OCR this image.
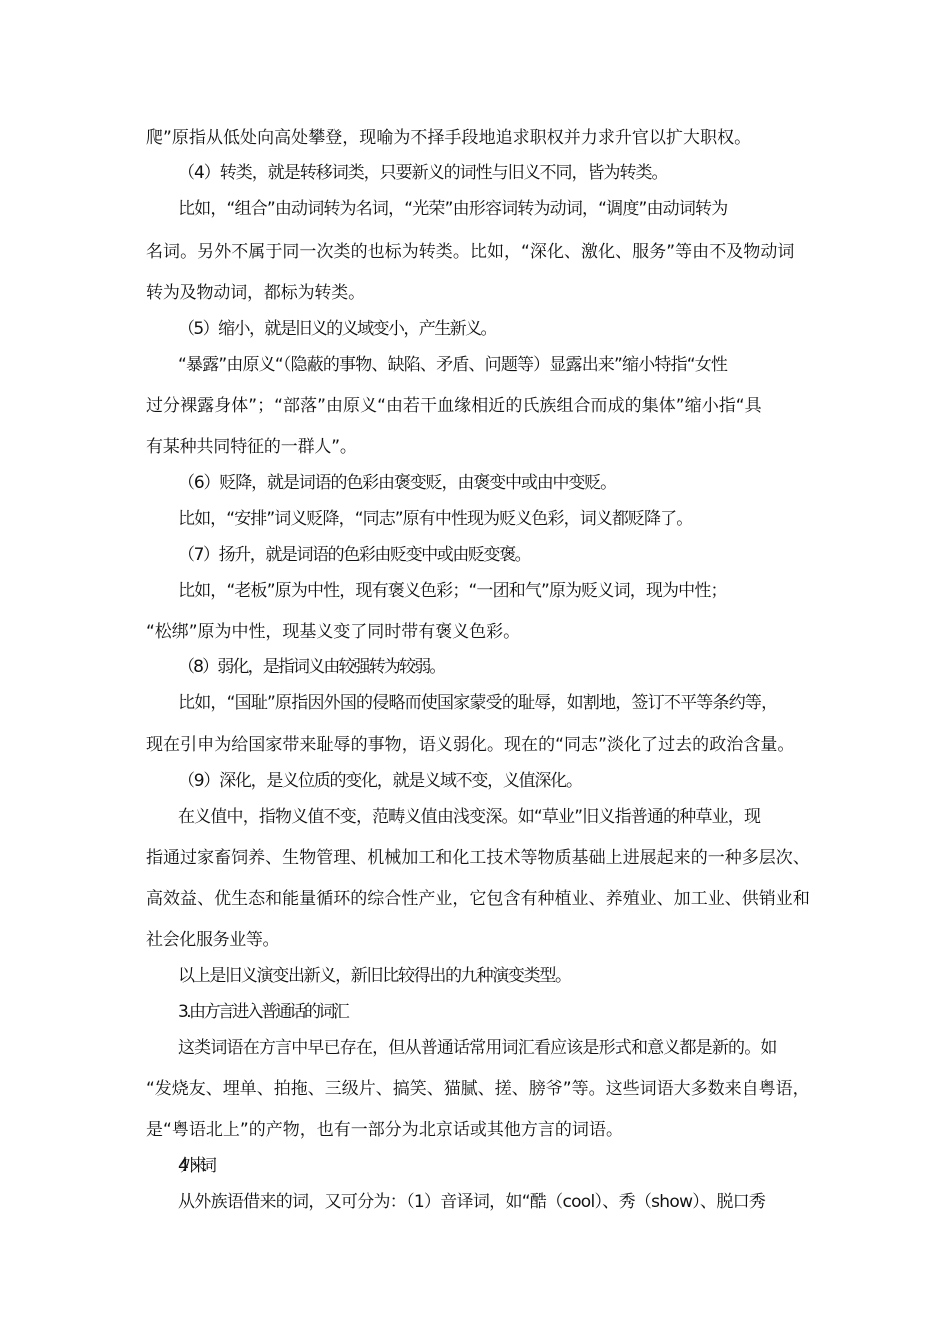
爬”原指从低处向高处攀登，现喻为不择手段地追求职权并力求升官以扩大职权。
（4）转类，就是转移词类，只要新义的词性与旧义不同，皆为转类。
比如，“组合”由动词转为名词，“光荣”由形容词转为动词，“调度”由动词转为
名词。另外不属于同一次类的也标为转类。比如，“深化、激化、服务”等由不及物动词
转为及物动词，都标为转类。
（5）缩小，就是旧义的义域变小，产生新义。
“暴露”由原义“（隐蔽的事物、缺陷、矛盾、问题等）显露出来”缩小特指“女性
过分裸露身体”；“部落”由原义“由若干血缘相近的氏族组合而成的集体”缩小指“具
有某种共同特征的一群人”。
（6）贬降，就是词语的色彩由褒变贬，由褒变中或由中变贬。
比如，“安排”词义贬降，“同志”原有中性现为贬义色彩，词义都贬降了。
（7）扬升，就是词语的色彩由贬变中或由贬变褒。
比如，“老板”原为中性，现有褒义色彩；“一团和气”原为贬义词，现为中性；
“松绑”原为中性，现基义变了同时带有褒义色彩。
（8）弱化，是指词义由较强转为较弱。
比如，“国耻”原指因外国的侵略而使国家蒙受的耻辱，如割地，签订不平等条约等，
现在引申为给国家带来耻辱的事物，语义弱化。现在的“同志”淡化了过去的政治含量。
（9）深化，是义位质的变化，就是义域不变，义值深化。
在义值中，指物义值不变，范畴义值由浅变深。如“草业”旧义指普通的种草业，现
指通过家畜饲养、生物管理、机械加工和化工技术等物质基础上进展起来的一种多层次、
高效益、优生态和能量循环的综合性产业，它包含有种植业、养殖业、加工业、供销业和
社会化服务业等。
以上是旧义演变出新义，新旧比较得出的九种演变类型。
3.由方言进入普通话的词汇
这类词语在方言中早已存在，但从普通话常用词汇看应该是形式和意义都是新的。如
“发烧友、埋单、拍拖、三级片、搞笑、猫腻、搓、膀爷”等。这些词语大多数来自粤语，
是“粤语北上”的产物，也有一部分为北京话或其他方言的词语。
4.外来词
从外族语借来的词，又可分为：（1）音译词，如“酷（cool）、秀（show）、脱口秀
